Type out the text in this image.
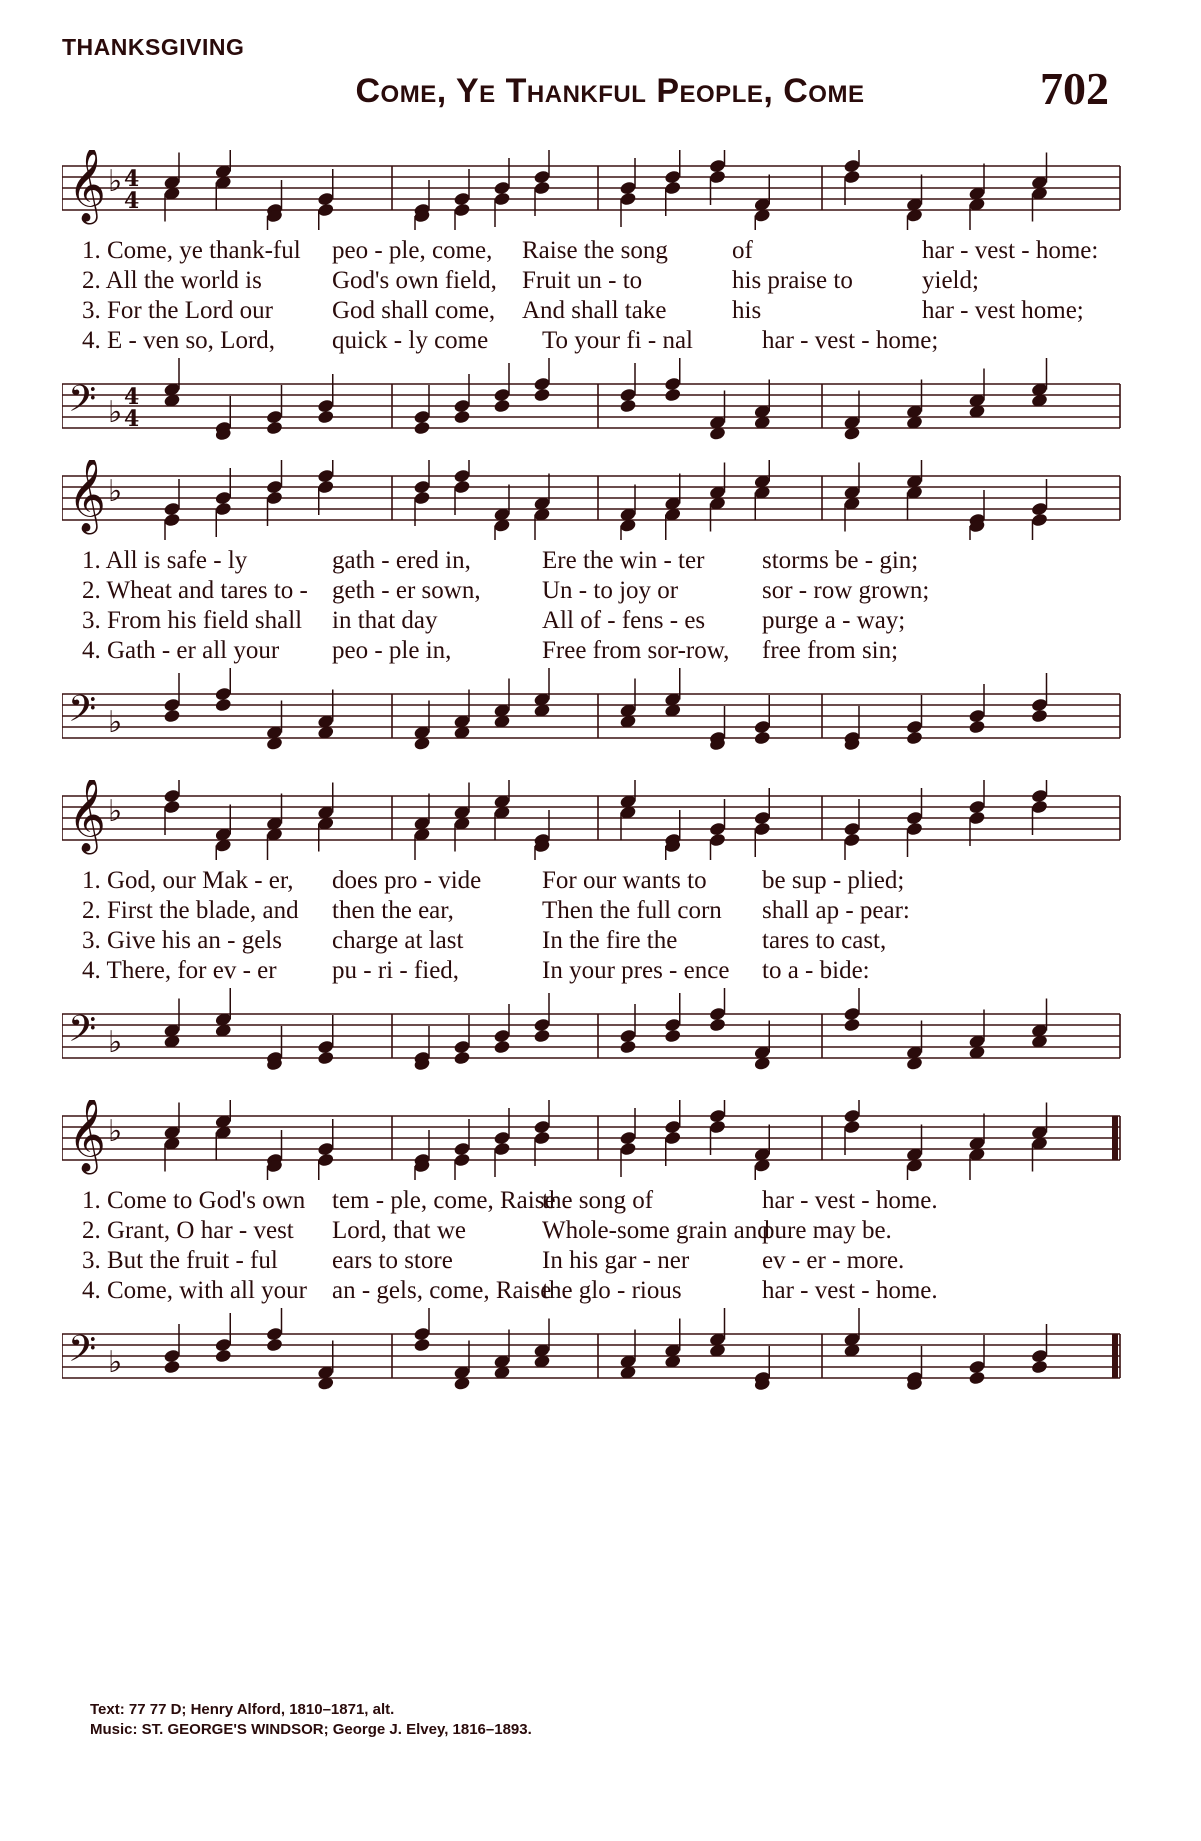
THANKSGIVING
Come, Ye Thankful People, Come	702
𝄞 ♭ 4
4
1. Come, ye thank-ful peo - ple, come, Raise the song	of	har - vest - home:
2. All the world is	God's own field, Fruit un - to	his praise to	yield;
3. For the Lord our God shall come, And shall take	his	har - vest home;
4. E - ven so, Lord, quick - ly come To your fi - nal	har - vest - home;
𝄢 ♭ 4
4
𝄞 ♭
1. All is safe - ly	gath - ered in,	Ere the win - ter storms be - gin;
2. Wheat and tares to - geth - er sown, Un - to joy or	sor - row grown;
3. From his field shall in that day	All of - fens - es purge a - way;
4. Gath - er all your peo - ple in,	Free from sor-row, free from sin;
𝄢 ♭
𝄞 ♭
1. God, our Mak - er, does pro - vide For our wants to be sup - plied;
2. First the blade, and then the ear,	Then the full corn shall ap - pear:
3. Give his an - gels charge at last	In the fire the	tares to cast,
4. There, for ev - er pu - ri - fied,	In your pres - ence to a - bide:
𝄢 ♭
𝄞 ♭
1. Come to God's own tem - ple, come, Raise
the song of	har - vest - home.
2. Grant, O har - vest Lord, that we	Whole-some grain and
pure may be.
3. But the fruit - ful ears to store	In his gar - ner	ev - er - more.
4. Come, with all your an - gels, come, Raise
the glo - rious	har - vest - home.
𝄢 ♭
Text: 77 77 D; Henry Alford, 1810–1871, alt.
Music: ST. GEORGE'S WINDSOR; George J. Elvey, 1816–1893.
